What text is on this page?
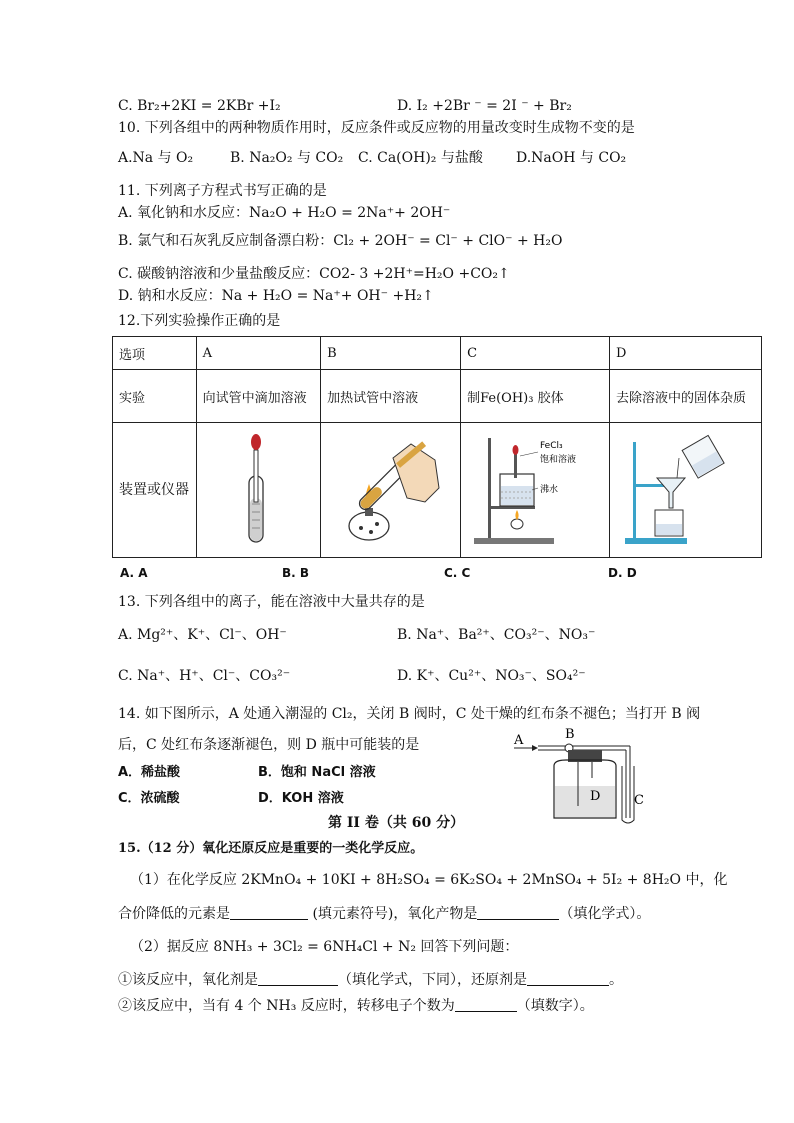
C. Br₂+2KI = 2KBr +I₂	D. I₂ +2Br ⁻ = 2I ⁻ + Br₂
10. 下列各组中的两种物质作用时，反应条件或反应物的用量改变时生成物不变的是
A.Na 与 O₂	B. Na₂O₂ 与 CO₂ C. Ca(OH)₂ 与盐酸 D.NaOH 与 CO₂
11. 下列离子方程式书写正确的是
A. 氧化钠和水反应：Na₂O + H₂O = 2Na⁺+ 2OH⁻
B. 氯气和石灰乳反应制备漂白粉：Cl₂ + 2OH⁻ = Cl⁻ + ClO⁻ + H₂O
C. 碳酸钠溶液和少量盐酸反应：CO2- 3 +2H⁺=H₂O +CO₂↑
D. 钠和水反应：Na + H₂O = Na⁺+ OH⁻ +H₂↑
12.下列实验操作正确的是
选项	A	B	C	D
实验	向试管中滴加溶液	加热试管中溶液	制Fe(OH)₃ 胶体	去除溶液中的固体杂质
装置或仪器			FeCl₃
饱和溶液
沸水

A. A	B. B	C. C	D. D
13. 下列各组中的离子，能在溶液中大量共存的是
A. Mg²⁺、K⁺、Cl⁻、OH⁻	B. Na⁺、Ba²⁺、CO₃²⁻、NO₃⁻
C. Na⁺、H⁺、Cl⁻、CO₃²⁻	D. K⁺、Cu²⁺、NO₃⁻、SO₄²⁻
14. 如下图所示，A 处通入潮湿的 Cl₂，关闭 B 阀时，C 处干燥的红布条不褪色；当打开 B 阀
后，C 处红布条逐渐褪色，则 D 瓶中可能装的是
A．稀盐酸	B．饱和 NaCl 溶液
C．浓硫酸	D．KOH 溶液
A	B
C
D
第 II 卷（共 60 分）
15.（12 分）氧化还原反应是重要的一类化学反应。
（1）在化学反应 2KMnO₄ + 10KI + 8H₂SO₄ = 6K₂SO₄ + 2MnSO₄ + 5I₂ + 8H₂O 中，化
合价降低的元素是	(填元素符号)，氧化产物是	（填化学式）。
（2）据反应 8NH₃ + 3Cl₂ = 6NH₄Cl + N₂ 回答下列问题：
①该反应中，氧化剂是	（填化学式，下同），还原剂是	。
②该反应中，当有 4 个 NH₃ 反应时，转移电子个数为	（填数字）。
